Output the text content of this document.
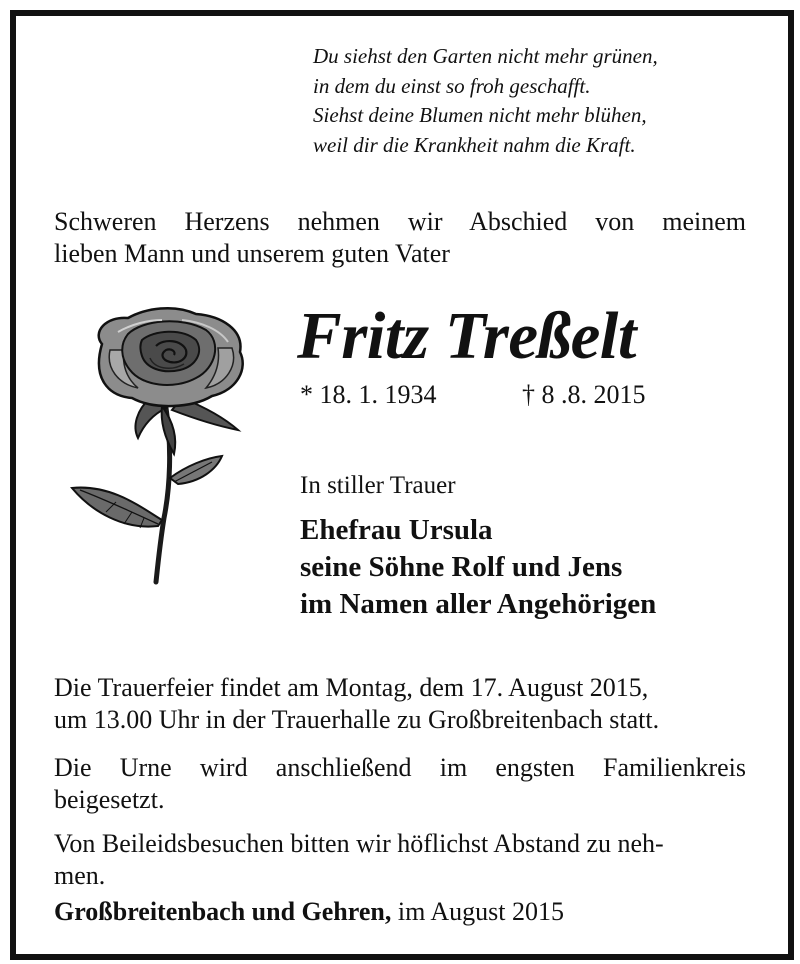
Du siehst den Garten nicht mehr grünen,
in dem du einst so froh geschafft.
Siehst deine Blumen nicht mehr blühen,
weil dir die Krankheit nahm die Kraft.
Schweren Herzens nehmen wir Abschied von meinem
lieben Mann und unserem guten Vater
Fritz Treßelt
* 18. 1. 1934	† 8 .8. 2015
In stiller Trauer
Ehefrau Ursula
seine Söhne Rolf und Jens
im Namen aller Angehörigen
Die Trauerfeier findet am Montag, dem 17. August 2015,
um 13.00 Uhr in der Trauerhalle zu Großbreitenbach statt.
Die Urne wird anschließend im engsten Familienkreis
beigesetzt.
Von Beileidsbesuchen bitten wir höflichst Abstand zu neh-
men.
Großbreitenbach und Gehren, im August 2015
